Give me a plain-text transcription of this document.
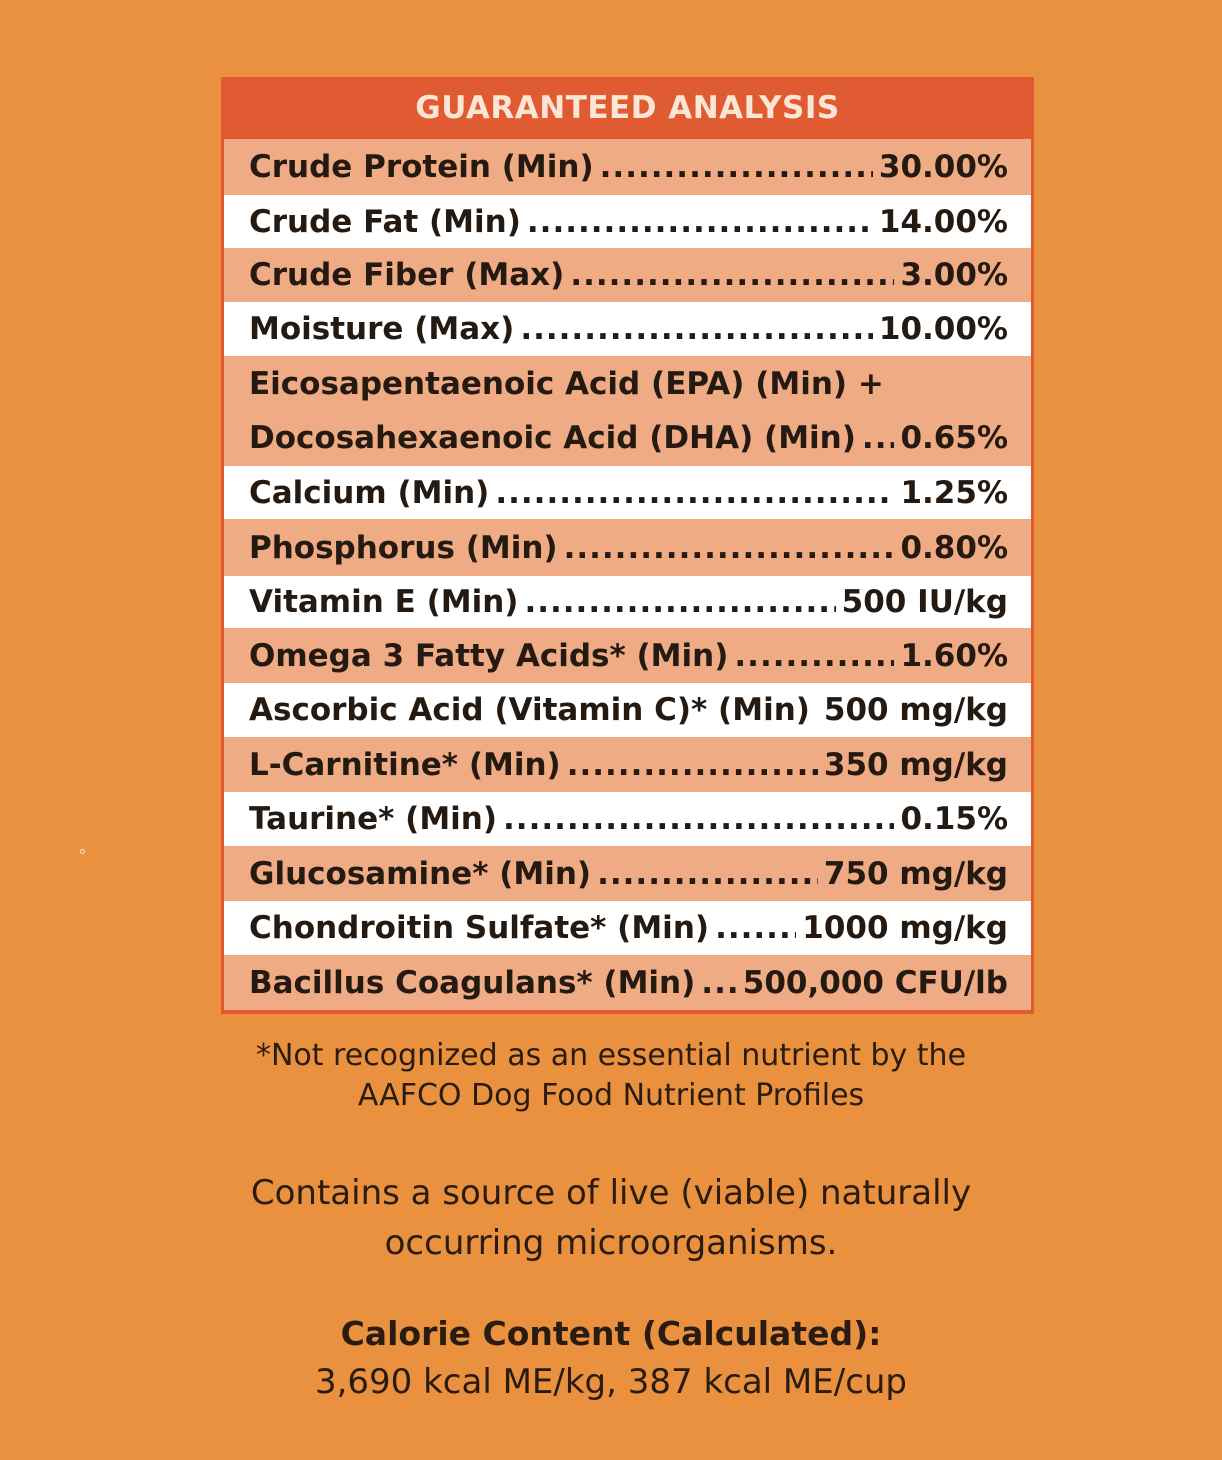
GUARANTEED ANALYSIS
Crude Protein (Min) .....	30.00%
Crude Fat (Min) .....	14.00%
Crude Fiber (Max) .....	3.00%
Moisture (Max) .....	10.00%
Eicosapentaenoic Acid (EPA) (Min) +
Docosahexaenoic Acid (DHA) (Min) ..... 0.65%
Calcium (Min) .....	1.25%
Phosphorus (Min) .....	0.80%
Vitamin E (Min) .....	500 IU/kg
Omega 3 Fatty Acids* (Min) .....	1.60%
Ascorbic Acid (Vitamin C)* (Min) ..... 500 mg/kg
L-Carnitine* (Min) .....	350 mg/kg
Taurine* (Min) .....	0.15%
Glucosamine* (Min) .....	750 mg/kg
Chondroitin Sulfate* (Min) .....	1000 mg/kg
Bacillus Coagulans* (Min) ..... 500,000 CFU/lb
*Not recognized as an essential nutrient by the
AAFCO Dog Food Nutrient Profiles
Contains a source of live (viable) naturally
occurring microorganisms.
Calorie Content (Calculated):
3,690 kcal ME/kg, 387 kcal ME/cup
